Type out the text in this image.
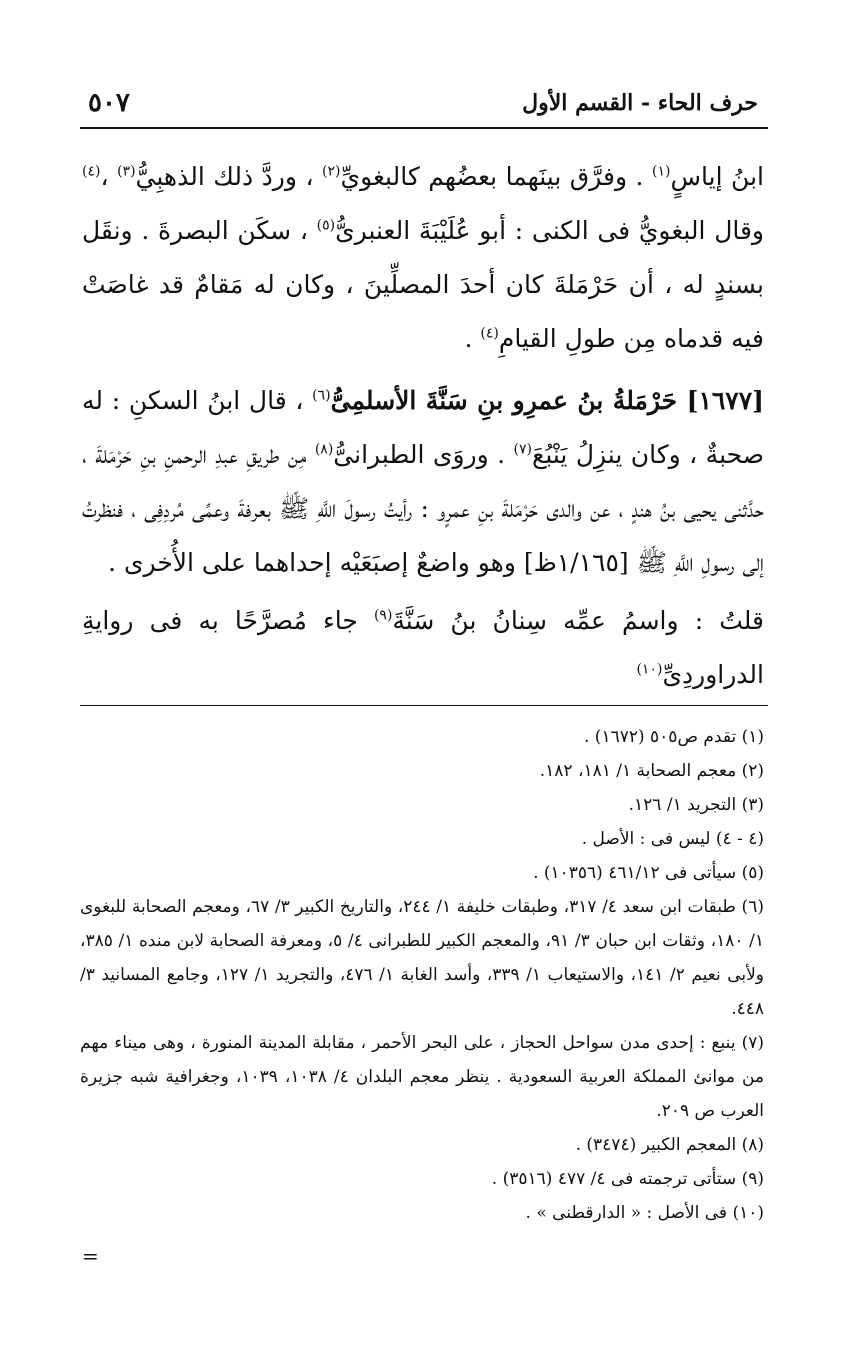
٥٠٧	حرف الحاء - القسم الأول

ابنُ إياسٍ$^{(١)}$ . وفرَّق بينَهما بعضُهم كالبغويِّ$^{(٢)}$ ، وردَّ ذلك الذهبِيُّ$^{(٣)}$ ،$^{(٤)}$ وقال البغويُّ فى الكنى : أبو عُلَيْبَةَ العنبرىُّ$^{(٥)}$ ، سكَن البصرةَ . ونقَل بسندٍ له ، أن حَرْمَلةَ كان أحدَ المصلِّينَ ، وكان له مَقامٌ قد غاصَتْ فيه قدماه مِن طولِ القيامِ$^{(٤)}$ .

[١٦٧٧] حَرْمَلةُ بنُ عمرِو بنِ سَنَّةَ الأسلمِىُّ$^{(٦)}$ ، قال ابنُ السكنِ : له صحبةٌ ، وكان ينزِلُ يَنْبُعَ$^{(٧)}$ . وروَى الطبرانىُّ$^{(٨)}$ مِن طريقِ عبدِ الرحمنِ بنِ حَرْمَلةَ ، حدَّثنى يحيى بنُ هندٍ ، عن والدى حَرْمَلةَ بنِ عمرٍو : رأيتُ رسولَ اللَّهِ ﷺ بعرفةَ وعمِّى مُردِفِى ، فنظرتُ إلى رسولِ اللَّهِ ﷺ [١/١٦٥ظ] وهو واضعٌ إصبَعَيْه إحداهما على الأُخرى .

قلتُ : واسمُ عمِّه سِنانُ بنُ سَنَّةَ$^{(٩)}$ جاء مُصرَّحًا به فى روايةِ الدراوردِىِّ$^{(١٠)}$

(١) تقدم ص٥٠٥ (١٦٧٢) .

(٢) معجم الصحابة ١/ ١٨١، ١٨٢.

(٣) التجريد ١/ ١٢٦.

(٤ - ٤) ليس فى : الأصل .

(٥) سيأتى فى ٤٦١/١٢ (١٠٣٥٦) .

(٦) طبقات ابن سعد ٤/ ٣١٧، وطبقات خليفة ١/ ٢٤٤، والتاريخ الكبير ٣/ ٦٧، ومعجم الصحابة للبغوى ١/ ١٨٠، وثقات ابن حبان ٣/ ٩١، والمعجم الكبير للطبرانى ٤/ ٥، ومعرفة الصحابة لابن منده ١/ ٣٨٥، ولأبى نعيم ٢/ ١٤١، والاستيعاب ١/ ٣٣٩، وأسد الغابة ١/ ٤٧٦، والتجريد ١/ ١٢٧، وجامع المسانيد ٣/ ٤٤٨.

(٧) ينبع : إحدى مدن سواحل الحجاز ، على البحر الأحمر ، مقابلة المدينة المنورة ، وهى ميناء مهم من موانئ المملكة العربية السعودية . ينظر معجم البلدان ٤/ ١٠٣٨، ١٠٣٩، وجغرافية شبه جزيرة العرب ص ٢٠٩.

(٨) المعجم الكبير (٣٤٧٤) .

(٩) ستأتى ترجمته فى ٤/ ٤٧٧ (٣٥١٦) .

(١٠) فى الأصل : « الدارقطنى » .

=
